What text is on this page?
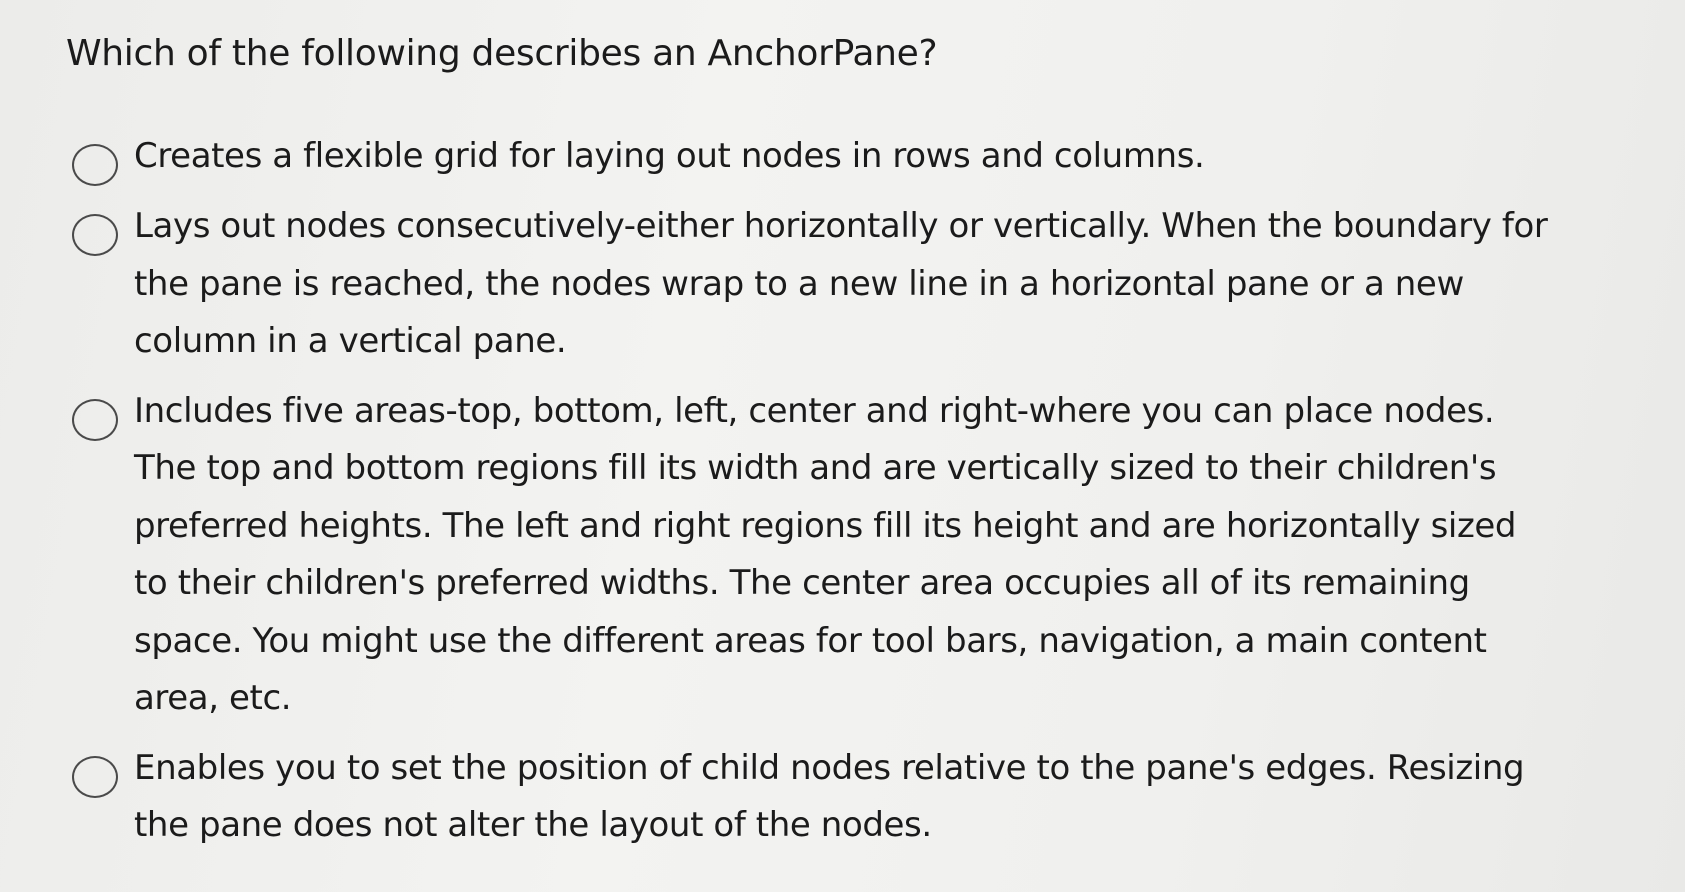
Which of the following describes an AnchorPane?
Creates a flexible grid for laying out nodes in rows and columns.
Lays out nodes consecutively-either horizontally or vertically. When the boundary for the pane is reached, the nodes wrap to a new line in a horizontal pane or a new column in a vertical pane.
Includes five areas-top, bottom, left, center and right-where you can place nodes. The top and bottom regions fill its width and are vertically sized to their children's preferred heights. The left and right regions fill its height and are horizontally sized to their children's preferred widths. The center area occupies all of its remaining space. You might use the different areas for tool bars, navigation, a main content area, etc.
Enables you to set the position of child nodes relative to the pane's edges. Resizing the pane does not alter the layout of the nodes.
